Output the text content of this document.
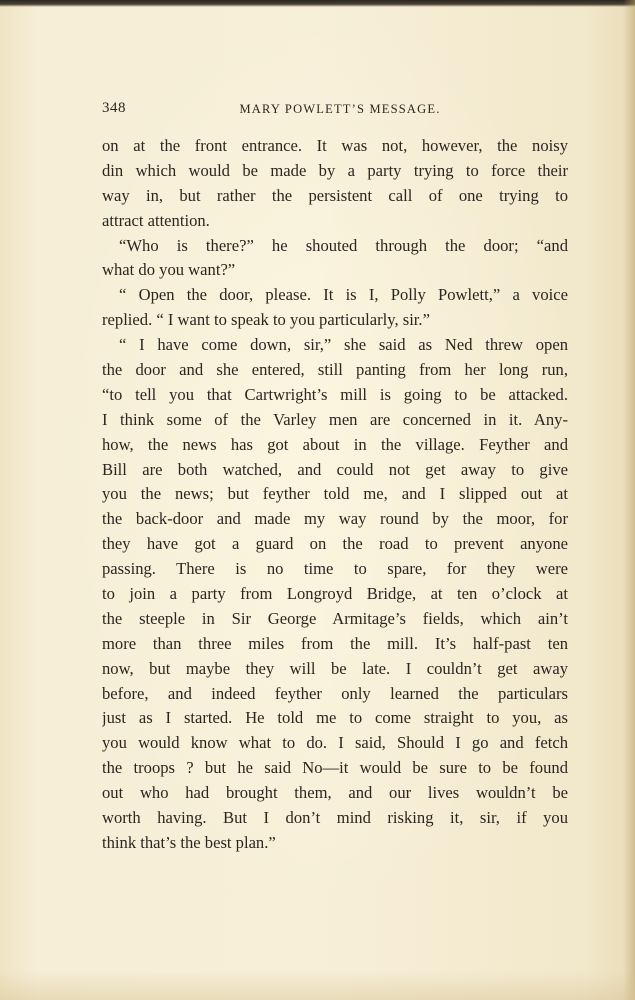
348	MARY POWLETT’S MESSAGE.
on at the front entrance. It was not, however, the noisy
din which would be made by a party trying to force their
way in, but rather the persistent call of one trying to
attract attention.
“Who is there?” he shouted through the door; “and
what do you want?”
“ Open the door, please. It is I, Polly Powlett,” a voice
replied. “ I want to speak to you particularly, sir.”
“ I have come down, sir,” she said as Ned threw open
the door and she entered, still panting from her long run,
“to tell you that Cartwright’s mill is going to be attacked.
I think some of the Varley men are concerned in it. Any-
how, the news has got about in the village. Feyther and
Bill are both watched, and could not get away to give
you the news; but feyther told me, and I slipped out at
the back-door and made my way round by the moor, for
they have got a guard on the road to prevent anyone
passing. There is no time to spare, for they were
to join a party from Longroyd Bridge, at ten o’clock at
the steeple in Sir George Armitage’s fields, which ain’t
more than three miles from the mill. It’s half-past ten
now, but maybe they will be late. I couldn’t get away
before, and indeed feyther only learned the particulars
just as I started. He told me to come straight to you, as
you would know what to do. I said, Should I go and fetch
the troops ? but he said No—it would be sure to be found
out who had brought them, and our lives wouldn’t be
worth having. But I don’t mind risking it, sir, if you
think that’s the best plan.”
